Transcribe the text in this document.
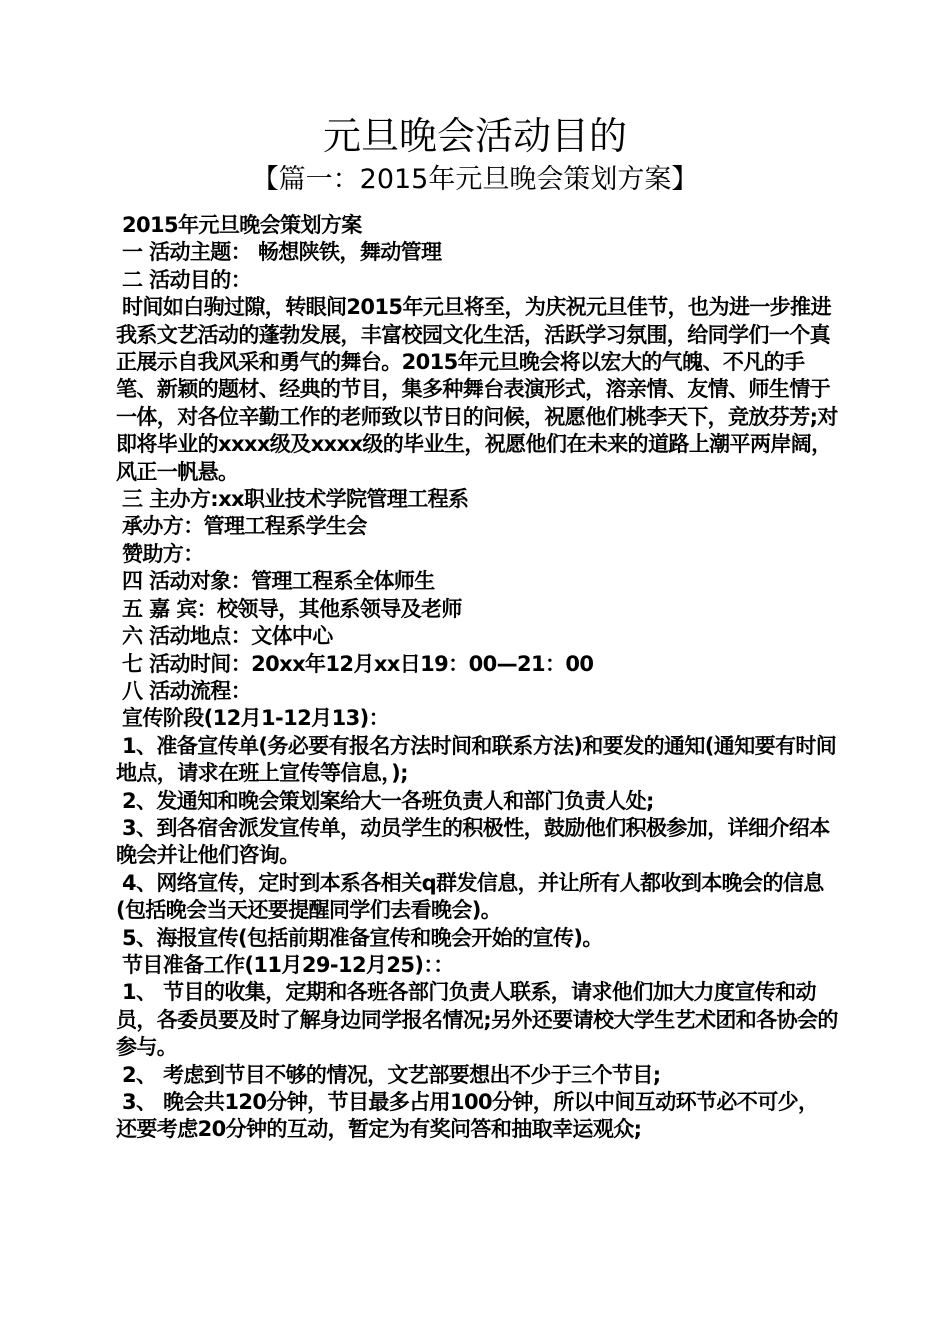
元旦晚会活动目的
【篇一：2015年元旦晚会策划方案】
2015年元旦晚会策划方案
一 活动主题： 畅想陕铁，舞动管理
二 活动目的：
时间如白驹过隙，转眼间2015年元旦将至，为庆祝元旦佳节，也为进一步推进我系文艺活动的蓬勃发展，丰富校园文化生活，活跃学习氛围，给同学们一个真正展示自我风采和勇气的舞台。2015年元旦晚会将以宏大的气魄、不凡的手笔、新颖的题材、经典的节目，集多种舞台表演形式，溶亲情、友情、师生情于一体，对各位辛勤工作的老师致以节日的问候，祝愿他们桃李天下，竞放芬芳;对即将毕业的xxxx级及xxxx级的毕业生，祝愿他们在未来的道路上潮平两岸阔，风正一帆悬。
三 主办方:xx职业技术学院管理工程系
承办方：管理工程系学生会
赞助方：
四 活动对象：管理工程系全体师生
五 嘉 宾：校领导，其他系领导及老师
六 活动地点：文体中心
七 活动时间：20xx年12月xx日19：00—21：00
八 活动流程：
宣传阶段(12月1-12月13)：
1、准备宣传单(务必要有报名方法时间和联系方法)和要发的通知(通知要有时间地点，请求在班上宣传等信息，);
2、发通知和晚会策划案给大一各班负责人和部门负责人处;
3、到各宿舍派发宣传单，动员学生的积极性，鼓励他们积极参加，详细介绍本晚会并让他们咨询。
4、网络宣传，定时到本系各相关q群发信息，并让所有人都收到本晚会的信息(包括晚会当天还要提醒同学们去看晚会)。
5、海报宣传(包括前期准备宣传和晚会开始的宣传)。
节目准备工作(11月29-12月25)：：
1、 节目的收集，定期和各班各部门负责人联系，请求他们加大力度宣传和动员，各委员要及时了解身边同学报名情况;另外还要请校大学生艺术团和各协会的参与。
2、 考虑到节目不够的情况，文艺部要想出不少于三个节目;
3、 晚会共120分钟，节目最多占用100分钟，所以中间互动环节必不可少，还要考虑20分钟的互动，暂定为有奖问答和抽取幸运观众;
